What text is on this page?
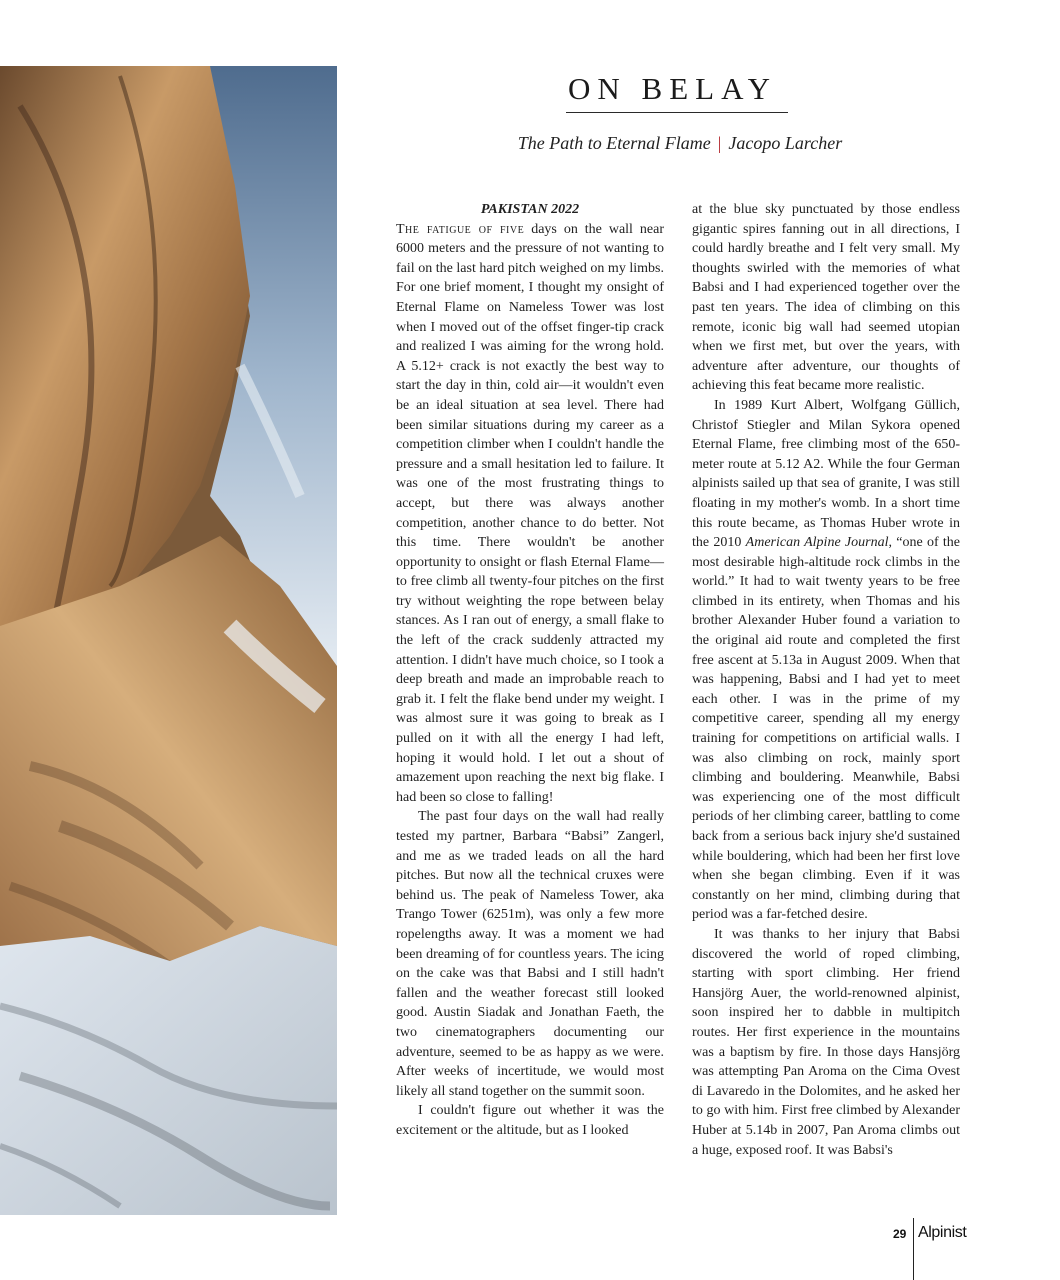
ON BELAY
The Path to Eternal Flame | Jacopo Larcher
PAKISTAN 2022

The fatigue of five days on the wall near 6000 meters and the pressure of not wanting to fail on the last hard pitch weighed on my limbs. For one brief moment, I thought my onsight of Eternal Flame on Nameless Tower was lost when I moved out of the offset finger-tip crack and realized I was aiming for the wrong hold. A 5.12+ crack is not exactly the best way to start the day in thin, cold air—it wouldn't even be an ideal situation at sea level. There had been similar situations during my career as a competition climber when I couldn't handle the pressure and a small hesitation led to failure. It was one of the most frustrating things to accept, but there was always another competition, another chance to do better. Not this time. There wouldn't be another opportunity to onsight or flash Eternal Flame—to free climb all twenty-four pitches on the first try without weighting the rope between belay stances. As I ran out of energy, a small flake to the left of the crack suddenly attracted my attention. I didn't have much choice, so I took a deep breath and made an improbable reach to grab it. I felt the flake bend under my weight. I was almost sure it was going to break as I pulled on it with all the energy I had left, hoping it would hold. I let out a shout of amazement upon reaching the next big flake. I had been so close to falling!

The past four days on the wall had really tested my partner, Barbara “Babsi” Zangerl, and me as we traded leads on all the hard pitches. But now all the technical cruxes were behind us. The peak of Nameless Tower, aka Trango Tower (6251m), was only a few more ropelengths away. It was a moment we had been dreaming of for countless years. The icing on the cake was that Babsi and I still hadn't fallen and the weather forecast still looked good. Austin Siadak and Jonathan Faeth, the two cinematographers documenting our adventure, seemed to be as happy as we were. After weeks of incertitude, we would most likely all stand together on the summit soon.

I couldn't figure out whether it was the excitement or the altitude, but as I looked

at the blue sky punctuated by those endless gigantic spires fanning out in all directions, I could hardly breathe and I felt very small. My thoughts swirled with the memories of what Babsi and I had experienced together over the past ten years. The idea of climbing on this remote, iconic big wall had seemed utopian when we first met, but over the years, with adventure after adventure, our thoughts of achieving this feat became more realistic.

In 1989 Kurt Albert, Wolfgang Güllich, Christof Stiegler and Milan Sykora opened Eternal Flame, free climbing most of the 650-meter route at 5.12 A2. While the four German alpinists sailed up that sea of granite, I was still floating in my mother's womb. In a short time this route became, as Thomas Huber wrote in the 2010 American Alpine Journal, “one of the most desirable high-altitude rock climbs in the world.” It had to wait twenty years to be free climbed in its entirety, when Thomas and his brother Alexander Huber found a variation to the original aid route and completed the first free ascent at 5.13a in August 2009. When that was happening, Babsi and I had yet to meet each other. I was in the prime of my competitive career, spending all my energy training for competitions on artificial walls. I was also climbing on rock, mainly sport climbing and bouldering. Meanwhile, Babsi was experiencing one of the most difficult periods of her climbing career, battling to come back from a serious back injury she'd sustained while bouldering, which had been her first love when she began climbing. Even if it was constantly on her mind, climbing during that period was a far-fetched desire.

It was thanks to her injury that Babsi discovered the world of roped climbing, starting with sport climbing. Her friend Hansjörg Auer, the world-renowned alpinist, soon inspired her to dabble in multipitch routes. Her first experience in the mountains was a baptism by fire. In those days Hansjörg was attempting Pan Aroma on the Cima Ovest di Lavaredo in the Dolomites, and he asked her to go with him. First free climbed by Alexander Huber at 5.14b in 2007, Pan Aroma climbs out a huge, exposed roof. It was Babsi's

29 Alpinist
